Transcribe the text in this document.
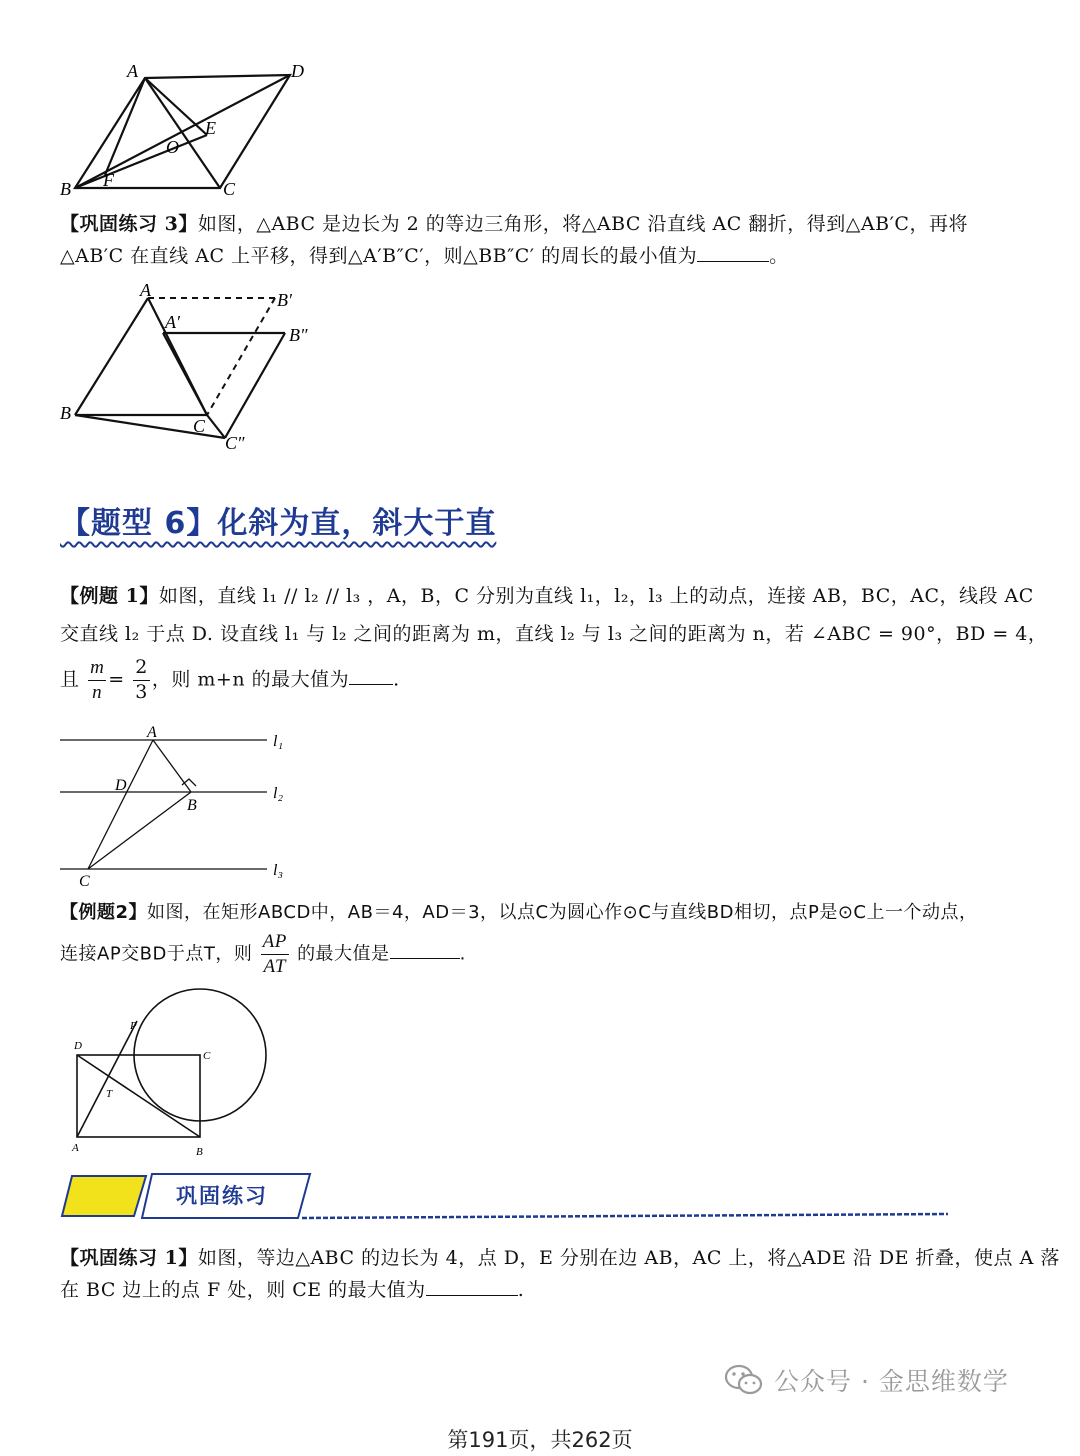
A	D
E
O
B F	C
【巩固练习 3】如图，△ABC 是边长为 2 的等边三角形，将△ABC 沿直线 AC 翻折，得到△AB′C，再将△AB′C 在直线 AC 上平移，得到△A′B″C′，则△BB″C′ 的周长的最小值为	。
A	B′
A′
B″
B
C
C″
【题型 6】化斜为直，斜大于直
【例题 1】如图，直线 l₁ // l₂ // l₃ ，A，B，C 分别为直线 l₁，l₂，l₃ 上的动点，连接 AB，BC，AC，线段 AC
交直线 l₂ 于点 D. 设直线 l₁ 与 l₂ 之间的距离为 m，直线 l₂ 与 l₃ 之间的距离为 n，若 ∠ABC = 90°，BD = 4，
且 $\frac{m}{n} = \frac{2}{3}$ ，则 m+n 的最大值为 .
A
D
B
C
l₁
l₂
l₃
【例题2】如图，在矩形ABCD中，AB＝4，AD＝3，以点C为圆心作⊙C与直线BD相切，点P是⊙C上一个动点，
连接AP交BD于点T，则 $\frac{AP}{AT}$ 的最大值是	.
P
D
C
T
A	B
巩固练习
【巩固练习 1】如图，等边△ABC 的边长为 4，点 D，E 分别在边 AB，AC 上，将△ADE 沿 DE 折叠，使点 A 落
在 BC 边上的点 F 处，则 CE 的最大值为	.
公众号 · 金思维数学
第191页，共262页
